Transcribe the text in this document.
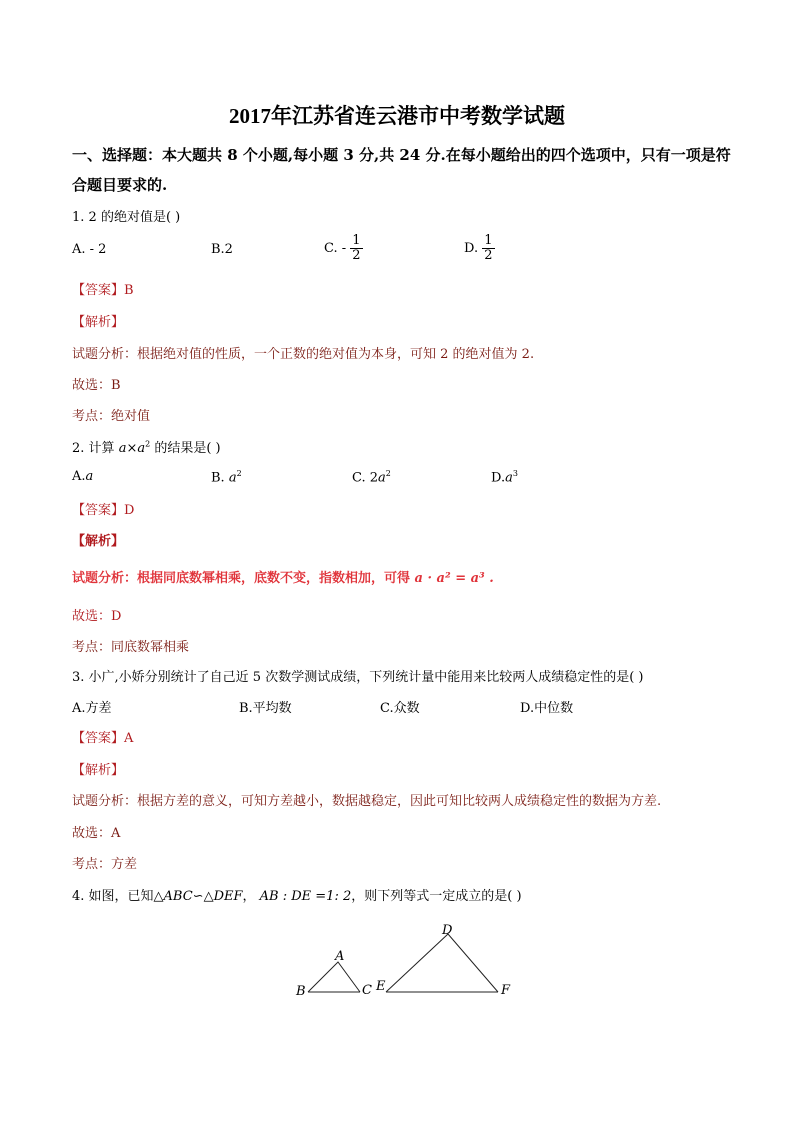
2017年江苏省连云港市中考数学试题
一、选择题：本大题共 8 个小题,每小题 3 分,共 24 分.在每小题给出的四个选项中，只有一项是符合题目要求的.
1. 2 的绝对值是( )
A. - 2	B.2	C. - $\frac{1}{2}$	D. $\frac{1}{2}$
【答案】B
【解析】
试题分析：根据绝对值的性质，一个正数的绝对值为本身，可知 2 的绝对值为 2.
故选：B
考点：绝对值
2. 计算 $a\times a^2$ 的结果是( )
A.a	B. $a^2$	C. $2a^2$	$D.a^3$
【答案】D
【解析】
试题分析：根据同底数幂相乘，底数不变，指数相加，可得 a · a² = a³ .
故选：D
考点：同底数幂相乘
3. 小广,小娇分别统计了自己近 5 次数学测试成绩，下列统计量中能用来比较两人成绩稳定性的是( )
A.方差	B.平均数	C.众数	D.中位数
【答案】A
【解析】
试题分析：根据方差的意义，可知方差越小，数据越稳定，因此可知比较两人成绩稳定性的数据为方差.
故选：A
考点：方差
4. 如图，已知△ABC∽△DEF， AB : DE =1: 2，则下列等式一定成立的是( )
A
B	C
D
E	F
